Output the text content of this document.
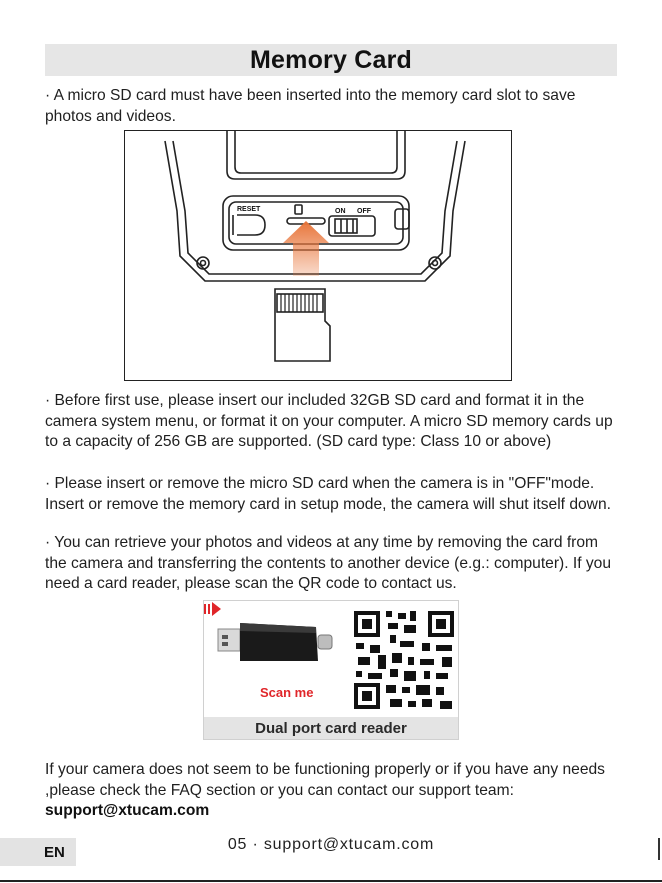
Memory Card

· A micro SD card must have been inserted into the memory card slot to save photos and videos.

RESET	ON OFF

· Before first use, please insert our included 32GB SD card and format it in the camera system menu, or format it on your computer. A micro SD memory cards up to a capacity of 256 GB are supported. (SD card type: Class 10 or above)

· Please insert or remove the micro SD card when the camera is in "OFF"mode. Insert or remove the memory card in setup mode, the camera will shut itself down.

· You can retrieve your photos and videos at any time by removing the card from the camera and transferring the contents to another device (e.g.: computer). If you need a card reader, please scan the QR code to contact us.

Scan me
Dual port card reader

If your camera does not seem to be functioning properly or if you have any needs ,please check the FAQ section or you can contact our support team:
support@xtucam.com

05 · support@xtucam.com
EN
